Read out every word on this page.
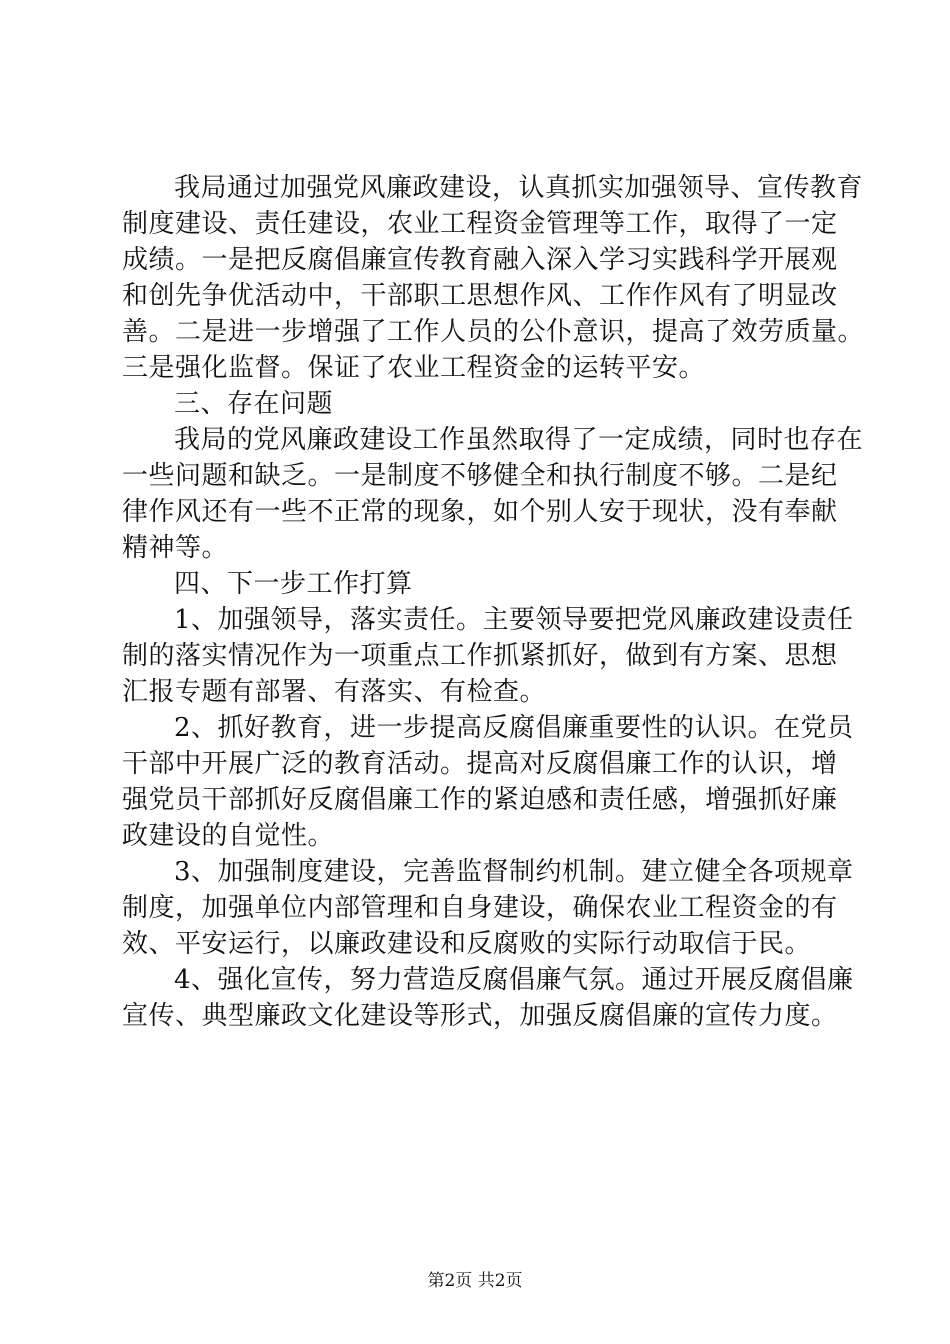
我局通过加强党风廉政建设，认真抓实加强领导、宣传教育
制度建设、责任建设，农业工程资金管理等工作，取得了一定
成绩。一是把反腐倡廉宣传教育融入深入学习实践科学开展观
和创先争优活动中，干部职工思想作风、工作作风有了明显改
善。二是进一步增强了工作人员的公仆意识，提高了效劳质量。
三是强化监督。保证了农业工程资金的运转平安。
三、存在问题
我局的党风廉政建设工作虽然取得了一定成绩，同时也存在
一些问题和缺乏。一是制度不够健全和执行制度不够。二是纪
律作风还有一些不正常的现象，如个别人安于现状，没有奉献
精神等。
四、下一步工作打算
1、加强领导，落实责任。主要领导要把党风廉政建设责任
制的落实情况作为一项重点工作抓紧抓好，做到有方案、思想
汇报专题有部署、有落实、有检查。
2、抓好教育，进一步提高反腐倡廉重要性的认识。在党员
干部中开展广泛的教育活动。提高对反腐倡廉工作的认识，增
强党员干部抓好反腐倡廉工作的紧迫感和责任感，增强抓好廉
政建设的自觉性。
3、加强制度建设，完善监督制约机制。建立健全各项规章
制度，加强单位内部管理和自身建设，确保农业工程资金的有
效、平安运行，以廉政建设和反腐败的实际行动取信于民。
4、强化宣传，努力营造反腐倡廉气氛。通过开展反腐倡廉
宣传、典型廉政文化建设等形式，加强反腐倡廉的宣传力度。
第2页 共2页
